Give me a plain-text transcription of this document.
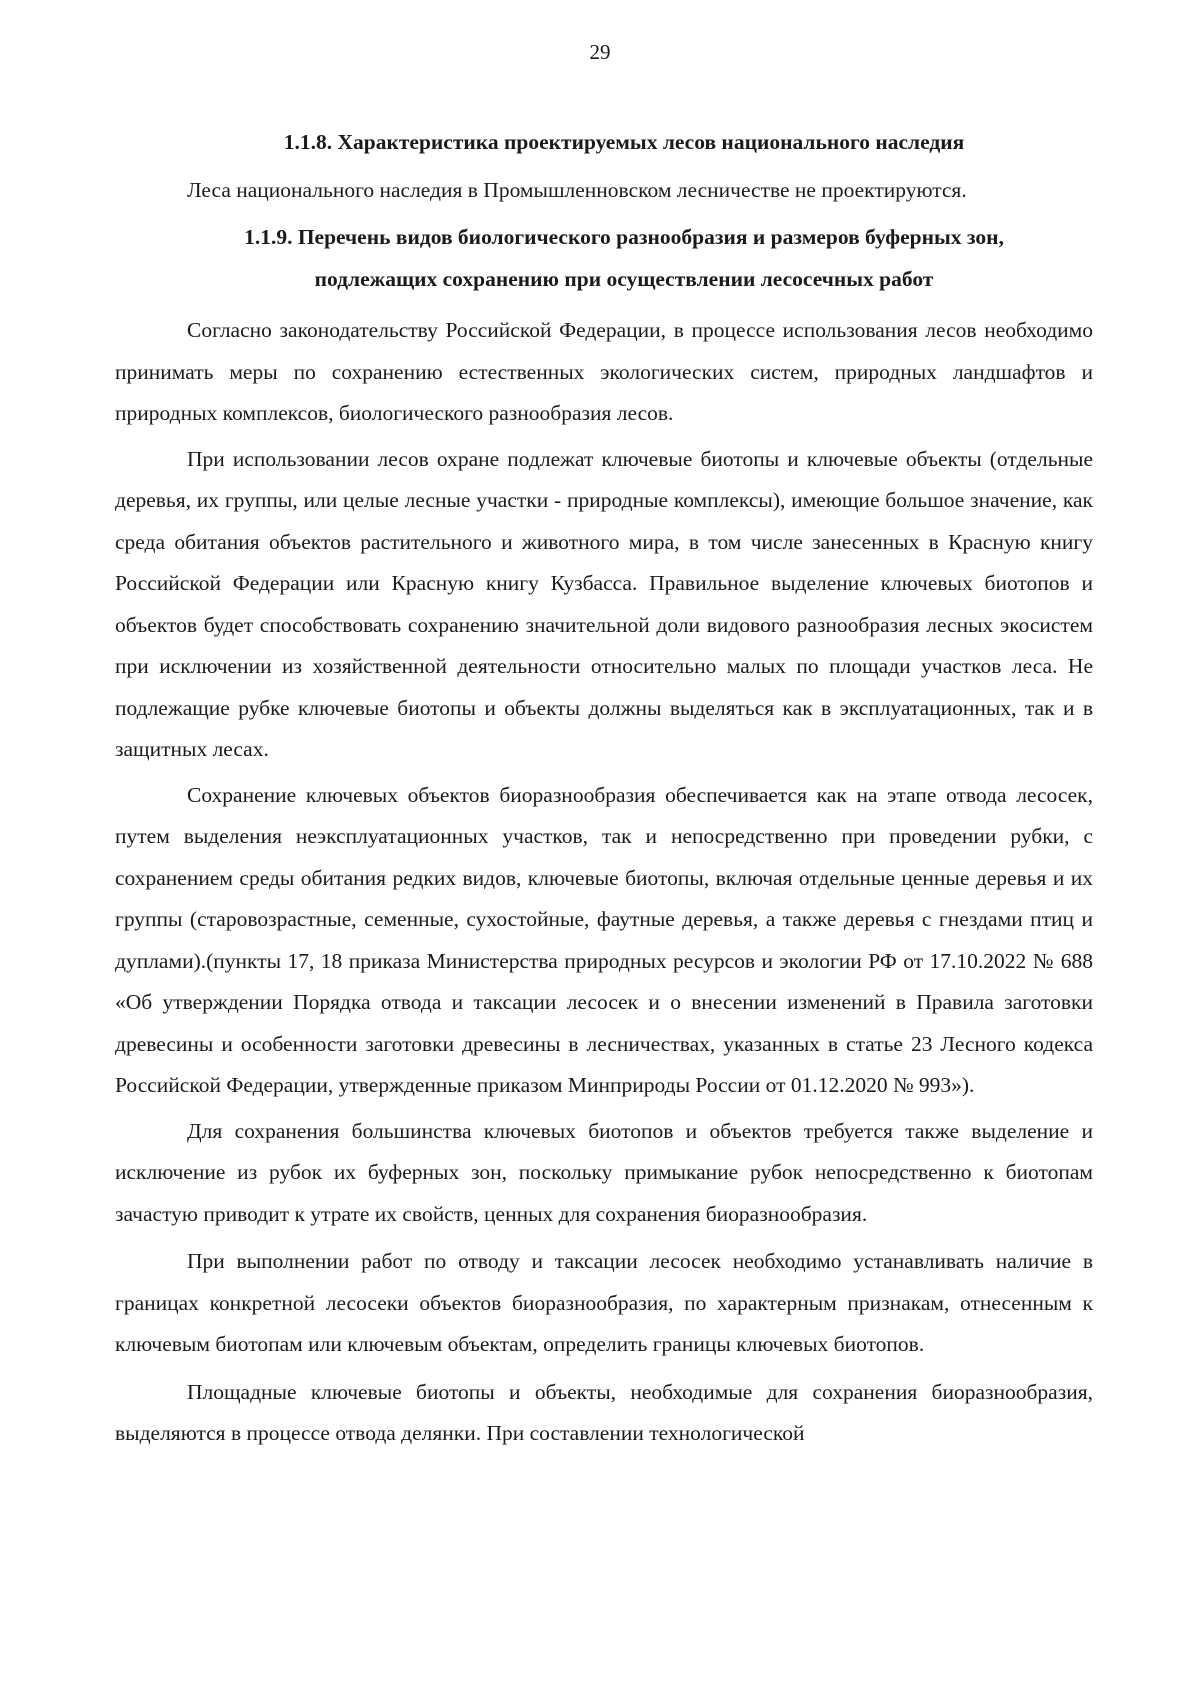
29
1.1.8. Характеристика проектируемых лесов национального наследия

Леса национального наследия в Промышленновском лесничестве не проектируются.

1.1.9. Перечень видов биологического разнообразия и размеров буферных зон,
подлежащих сохранению при осуществлении лесосечных работ

Согласно законодательству Российской Федерации, в процессе использования лесов необходимо принимать меры по сохранению естественных экологических систем, природных ландшафтов и природных комплексов, биологического разнообразия лесов.

При использовании лесов охране подлежат ключевые биотопы и ключевые объекты (отдельные деревья, их группы, или целые лесные участки - природные комплексы), имеющие большое значение, как среда обитания объектов растительного и животного мира, в том числе занесенных в Красную книгу Российской Федерации или Красную книгу Кузбасса. Правильное выделение ключевых биотопов и объектов будет способствовать сохранению значительной доли видового разнообразия лесных экосистем при исключении из хозяйственной деятельности относительно малых по площади участков леса. Не подлежащие рубке ключевые биотопы и объекты должны выделяться как в эксплуатационных, так и в защитных лесах.

Сохранение ключевых объектов биоразнообразия обеспечивается как на этапе отвода лесосек, путем выделения неэксплуатационных участков, так и непосредственно при проведении рубки, с сохранением среды обитания редких видов, ключевые биотопы, включая отдельные ценные деревья и их группы (старовозрастные, семенные, сухостойные, фаутные деревья, а также деревья с гнездами птиц и дуплами).(пункты 17, 18 приказа Министерства природных ресурсов и экологии РФ от 17.10.2022 № 688 «Об утверждении Порядка отвода и таксации лесосек и о внесении изменений в Правила заготовки древесины и особенности заготовки древесины в лесничествах, указанных в статье 23 Лесного кодекса Российской Федерации, утвержденные приказом Минприроды России от 01.12.2020 № 993»).

Для сохранения большинства ключевых биотопов и объектов требуется также выделение и исключение из рубок их буферных зон, поскольку примыкание рубок непосредственно к биотопам зачастую приводит к утрате их свойств, ценных для сохранения биоразнообразия.

При выполнении работ по отводу и таксации лесосек необходимо устанавливать наличие в границах конкретной лесосеки объектов биоразнообразия, по характерным признакам, отнесенным к ключевым биотопам или ключевым объектам, определить границы ключевых биотопов.

Площадные ключевые биотопы и объекты, необходимые для сохранения биоразнообразия, выделяются в процессе отвода делянки. При составлении технологической
